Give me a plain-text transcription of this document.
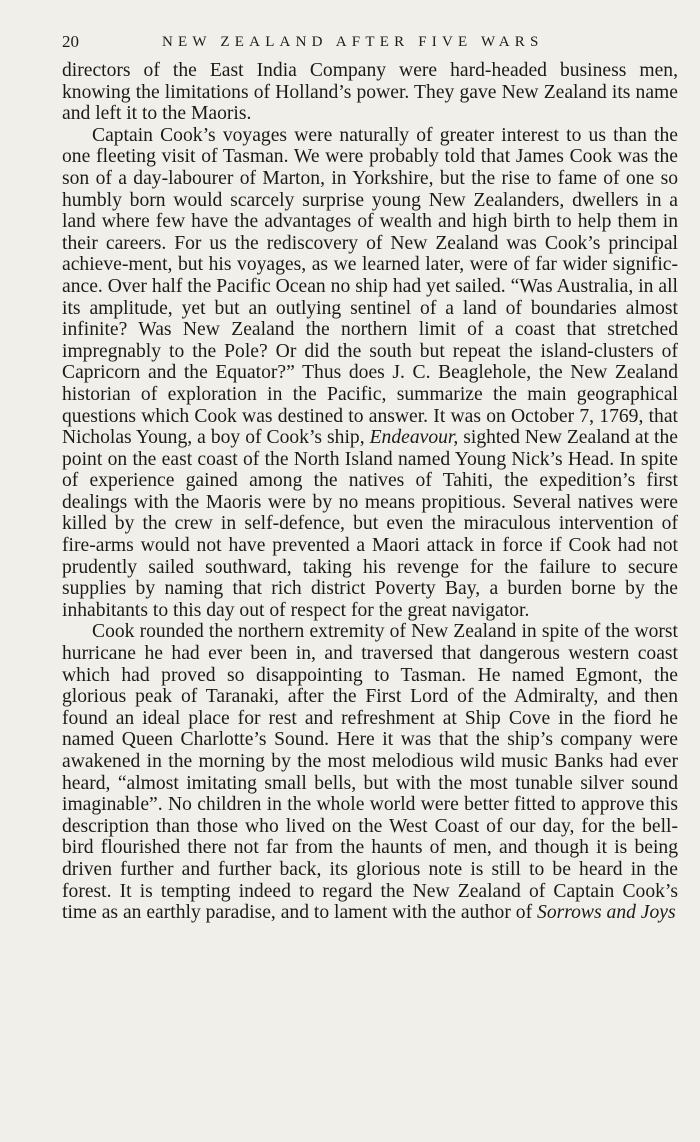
20	NEW ZEALAND AFTER FIVE WARS

directors of the East India Company were hard-headed business men, knowing the limitations of Holland’s power. They gave New Zealand its name and left it to the Maoris.

Captain Cook’s voyages were naturally of greater interest to us than the one fleeting visit of Tasman. We were probably told that James Cook was the son of a day-labourer of Marton, in Yorkshire, but the rise to fame of one so humbly born would scarcely surprise young New Zealanders, dwellers in a land where few have the advantages of wealth and high birth to help them in their careers. For us the rediscovery of New Zealand was Cook’s principal achieve-ment, but his voyages, as we learned later, were of far wider signific-ance. Over half the Pacific Ocean no ship had yet sailed. “Was Australia, in all its amplitude, yet but an outlying sentinel of a land of boundaries almost infinite? Was New Zealand the northern limit of a coast that stretched impregnably to the Pole? Or did the south but repeat the island-clusters of Capricorn and the Equator?” Thus does J. C. Beaglehole, the New Zealand historian of exploration in the Pacific, summarize the main geographical questions which Cook was destined to answer. It was on October 7, 1769, that Nicholas Young, a boy of Cook’s ship, Endeavour, sighted New Zealand at the point on the east coast of the North Island named Young Nick’s Head. In spite of experience gained among the natives of Tahiti, the expedition’s first dealings with the Maoris were by no means propitious. Several natives were killed by the crew in self-defence, but even the miraculous intervention of fire-arms would not have prevented a Maori attack in force if Cook had not prudently sailed southward, taking his revenge for the failure to secure supplies by naming that rich district Poverty Bay, a burden borne by the inhabitants to this day out of respect for the great navigator.

Cook rounded the northern extremity of New Zealand in spite of the worst hurricane he had ever been in, and traversed that dangerous western coast which had proved so disappointing to Tasman. He named Egmont, the glorious peak of Taranaki, after the First Lord of the Admiralty, and then found an ideal place for rest and refreshment at Ship Cove in the fiord he named Queen Charlotte’s Sound. Here it was that the ship’s company were awakened in the morning by the most melodious wild music Banks had ever heard, “almost imitating small bells, but with the most tunable silver sound imaginable”. No children in the whole world were better fitted to approve this description than those who lived on the West Coast of our day, for the bell-bird flourished there not far from the haunts of men, and though it is being driven further and further back, its glorious note is still to be heard in the forest. It is tempting indeed to regard the New Zealand of Captain Cook’s time as an earthly paradise, and to lament with the author of Sorrows and Joys
